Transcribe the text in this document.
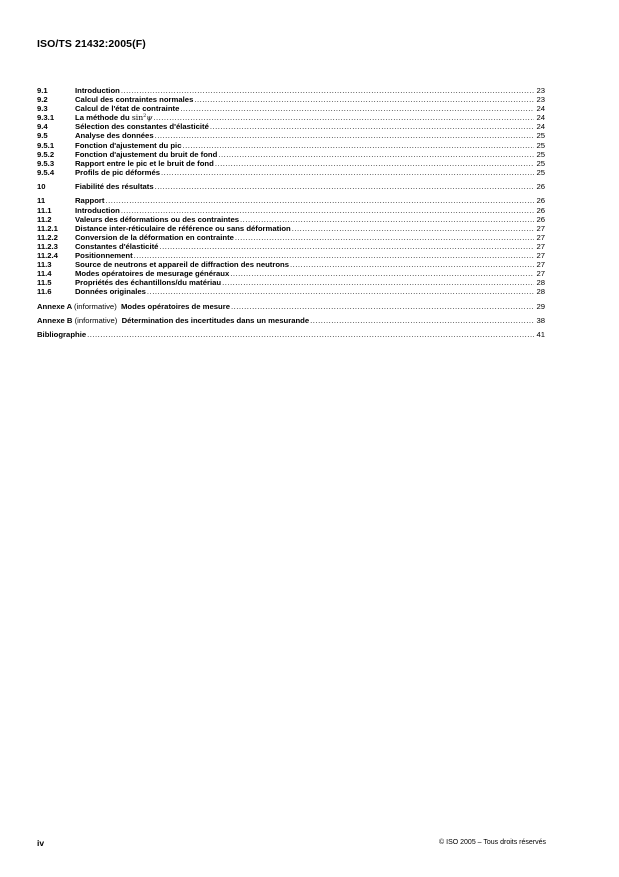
ISO/TS 21432:2005(F)
9.1	Introduction .....	23
9.2	Calcul des contraintes normales .....	23
9.3	Calcul de l'état de contrainte .....	24
9.3.1	La méthode du $\sin^2\psi$ .....	24
9.4	Sélection des constantes d'élasticité .....	24
9.5	Analyse des données .....	25
9.5.1	Fonction d'ajustement du pic .....	25
9.5.2	Fonction d'ajustement du bruit de fond .....	25
9.5.3	Rapport entre le pic et le bruit de fond .....	25
9.5.4	Profils de pic déformés .....	25
10	Fiabilité des résultats .....	26
11	Rapport .....	26
11.1	Introduction .....	26
11.2	Valeurs des déformations ou des contraintes .....	26
11.2.1	Distance inter-réticulaire de référence ou sans déformation .....	27
11.2.2	Conversion de la déformation en contrainte .....	27
11.2.3	Constantes d'élasticité .....	27
11.2.4	Positionnement .....	27
11.3	Source de neutrons et appareil de diffraction des neutrons .....	27
11.4	Modes opératoires de mesurage généraux .....	27
11.5	Propriétés des échantillons/du matériau .....	28
11.6	Données originales .....	28
Annexe A (informative) Modes opératoires de mesure .....	29
Annexe B (informative) Détermination des incertitudes dans un mesurande .....	38
Bibliographie .....	41
iv	© ISO 2005 – Tous droits réservés
